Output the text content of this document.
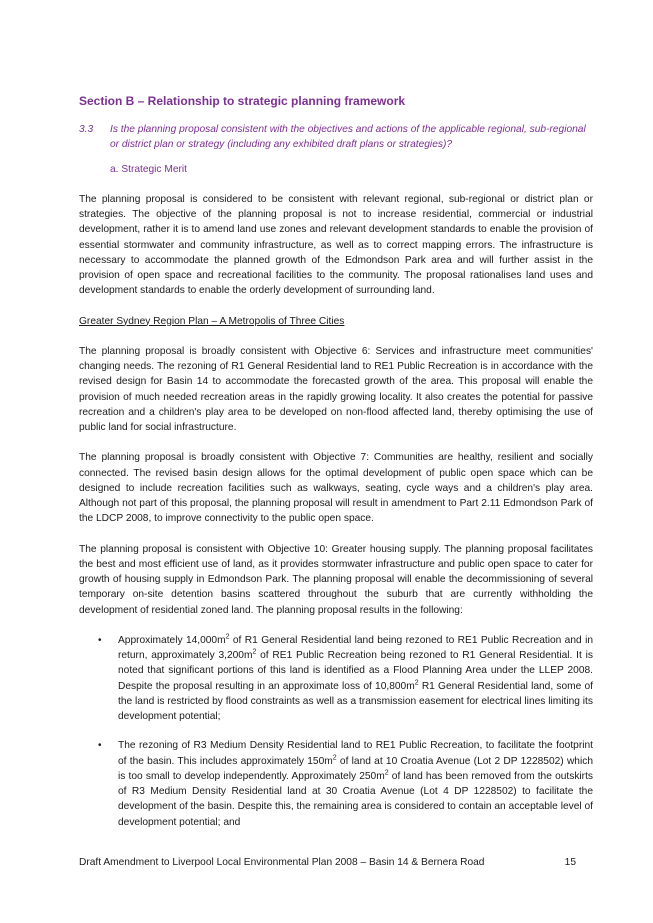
Section B – Relationship to strategic planning framework
3.3	Is the planning proposal consistent with the objectives and actions of the applicable regional, sub-regional or district plan or strategy (including any exhibited draft plans or strategies)?
a. Strategic Merit

The planning proposal is considered to be consistent with relevant regional, sub-regional or district plan or strategies. The objective of the planning proposal is not to increase residential, commercial or industrial development, rather it is to amend land use zones and relevant development standards to enable the provision of essential stormwater and community infrastructure, as well as to correct mapping errors. The infrastructure is necessary to accommodate the planned growth of the Edmondson Park area and will further assist in the provision of open space and recreational facilities to the community. The proposal rationalises land uses and development standards to enable the orderly development of surrounding land.

Greater Sydney Region Plan – A Metropolis of Three Cities

The planning proposal is broadly consistent with Objective 6: Services and infrastructure meet communities' changing needs. The rezoning of R1 General Residential land to RE1 Public Recreation is in accordance with the revised design for Basin 14 to accommodate the forecasted growth of the area. This proposal will enable the provision of much needed recreation areas in the rapidly growing locality. It also creates the potential for passive recreation and a children's play area to be developed on non-flood affected land, thereby optimising the use of public land for social infrastructure.

The planning proposal is broadly consistent with Objective 7: Communities are healthy, resilient and socially connected. The revised basin design allows for the optimal development of public open space which can be designed to include recreation facilities such as walkways, seating, cycle ways and a children's play area. Although not part of this proposal, the planning proposal will result in amendment to Part 2.11 Edmondson Park of the LDCP 2008, to improve connectivity to the public open space.

The planning proposal is consistent with Objective 10: Greater housing supply. The planning proposal facilitates the best and most efficient use of land, as it provides stormwater infrastructure and public open space to cater for growth of housing supply in Edmondson Park. The planning proposal will enable the decommissioning of several temporary on-site detention basins scattered throughout the suburb that are currently withholding the development of residential zoned land. The planning proposal results in the following:

•	Approximately $14,000m^2$ of R1 General Residential land being rezoned to RE1 Public Recreation and in return, approximately $3,200m^2$ of RE1 Public Recreation being rezoned to R1 General Residential. It is noted that significant portions of this land is identified as a Flood Planning Area under the LLEP 2008. Despite the proposal resulting in an approximate loss of $10,800m^2$ R1 General Residential land, some of the land is restricted by flood constraints as well as a transmission easement for electrical lines limiting its development potential;
•	The rezoning of R3 Medium Density Residential land to RE1 Public Recreation, to facilitate the footprint of the basin. This includes approximately $150m^2$ of land at 10 Croatia Avenue (Lot 2 DP 1228502) which is too small to develop independently. Approximately $250m^2$ of land has been removed from the outskirts of R3 Medium Density Residential land at 30 Croatia Avenue (Lot 4 DP 1228502) to facilitate the development of the basin. Despite this, the remaining area is considered to contain an acceptable level of development potential; and
Draft Amendment to Liverpool Local Environmental Plan 2008 – Basin 14 & Bernera Road	15
